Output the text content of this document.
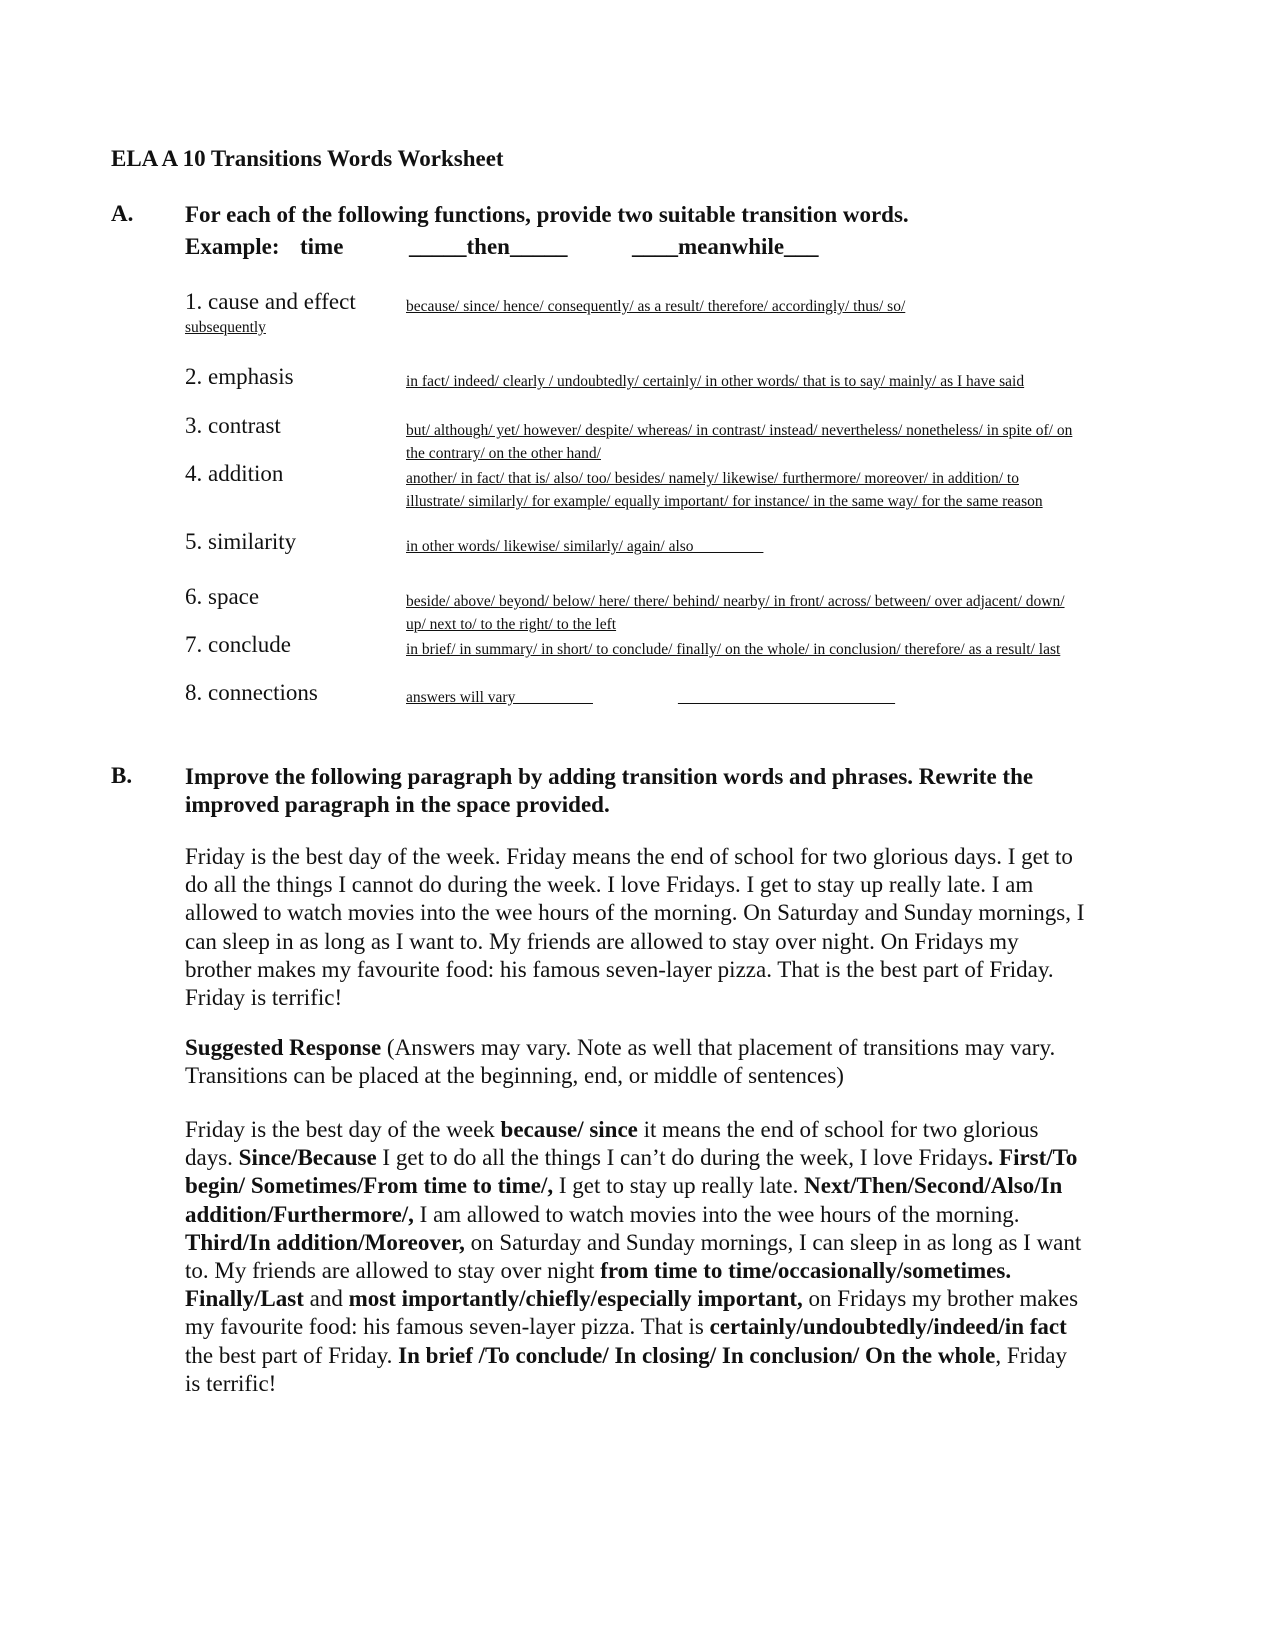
ELA A 10 Transitions Words Worksheet
A. For each of the following functions, provide two suitable transition words.
Example: time	_____then_____	____meanwhile___
1. cause and effect	because/ since/ hence/ consequently/ as a result/ therefore/ accordingly/ thus/ so/
subsequently
2. emphasis	in fact/ indeed/ clearly / undoubtedly/ certainly/ in other words/ that is to say/ mainly/ as I have said
3. contrast	but/ although/ yet/ however/ despite/ whereas/ in contrast/ instead/ nevertheless/ nonetheless/ in spite of/ on the contrary/ on the other hand/
4. addition	another/ in fact/ that is/ also/ too/ besides/ namely/ likewise/ furthermore/ moreover/ in addition/ to illustrate/ similarly/ for example/ equally important/ for instance/ in the same way/ for the same reason
5. similarity	in other words/ likewise/ similarly/ again/ also_________
6. space	beside/ above/ beyond/ below/ here/ there/ behind/ nearby/ in front/ across/ between/ over adjacent/ down/ up/ next to/ to the right/ to the left
7. conclude	in brief/ in summary/ in short/ to conclude/ finally/ on the whole/ in conclusion/ therefore/ as a result/ last
8. connections	answers will vary__________	____________________________
B. Improve the following paragraph by adding transition words and phrases. Rewrite the improved paragraph in the space provided.
Friday is the best day of the week. Friday means the end of school for two glorious days. I get to do all the things I cannot do during the week. I love Fridays. I get to stay up really late. I am allowed to watch movies into the wee hours of the morning. On Saturday and Sunday mornings, I can sleep in as long as I want to. My friends are allowed to stay over night. On Fridays my brother makes my favourite food: his famous seven-layer pizza. That is the best part of Friday. Friday is terrific!
Suggested Response (Answers may vary. Note as well that placement of transitions may vary. Transitions can be placed at the beginning, end, or middle of sentences)
Friday is the best day of the week because/ since it means the end of school for two glorious days. Since/Because I get to do all the things I can’t do during the week, I love Fridays. First/To begin/ Sometimes/From time to time/, I get to stay up really late. Next/Then/Second/Also/In addition/Furthermore/, I am allowed to watch movies into the wee hours of the morning. Third/In addition/Moreover, on Saturday and Sunday mornings, I can sleep in as long as I want to. My friends are allowed to stay over night from time to time/occasionally/sometimes. Finally/Last and most importantly/chiefly/especially important, on Fridays my brother makes my favourite food: his famous seven-layer pizza. That is certainly/undoubtedly/indeed/in fact the best part of Friday. In brief /To conclude/ In closing/ In conclusion/ On the whole, Friday is terrific!
